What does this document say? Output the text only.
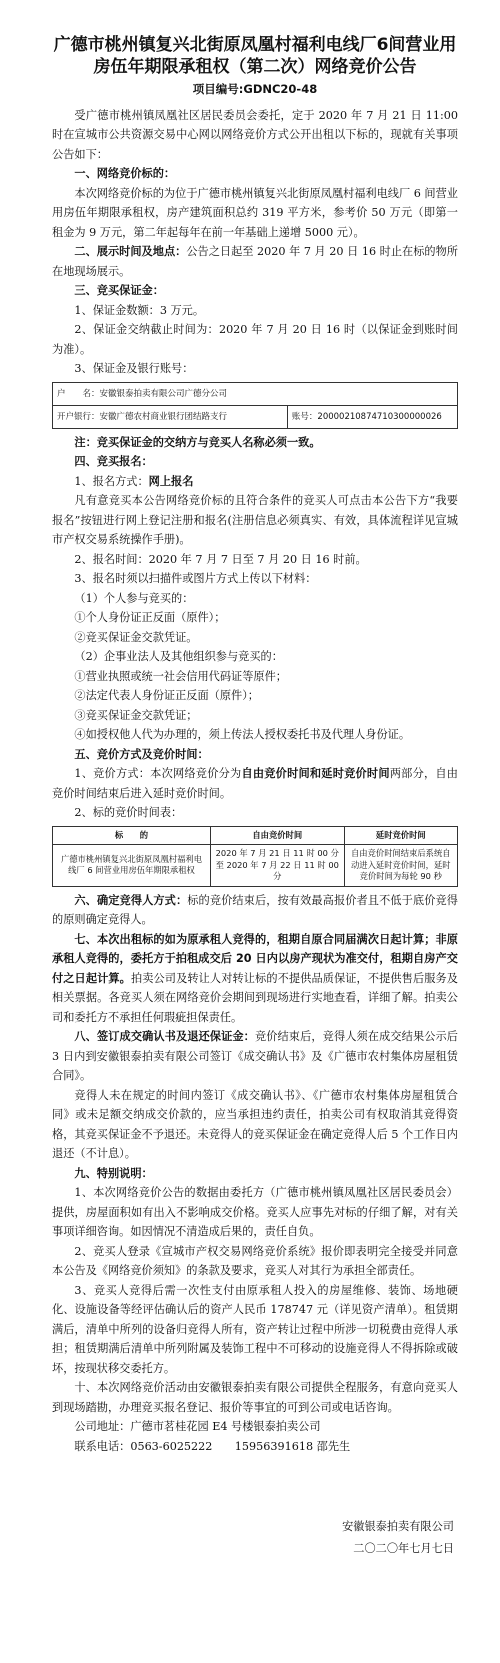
广德市桃州镇复兴北街原凤凰村福利电线厂6间营业用房伍年期限承租权（第二次）网络竞价公告
项目编号:GDNC20-48

受广德市桃州镇凤凰社区居民委员会委托，定于 2020 年 7 月 21 日 11:00 时在宣城市公共资源交易中心网以网络竞价方式公开出租以下标的，现就有关事项公告如下：

一、网络竞价标的：

本次网络竞价标的为位于广德市桃州镇复兴北街原凤凰村福利电线厂 6 间营业用房伍年期限承租权，房产建筑面积总约 319 平方米，参考价 50 万元（即第一租金为 9 万元，第二年起每年在前一年基础上递增 5000 元）。

二、展示时间及地点：公告之日起至 2020 年 7 月 20 日 16 时止在标的物所在地现场展示。

三、竞买保证金：

1、保证金数额：3 万元。

2、保证金交纳截止时间为：2020 年 7 月 20 日 16 时（以保证金到账时间为准）。

3、保证金及银行账号：

户　　名：安徽银泰拍卖有限公司广德分公司
开户银行：安徽广德农村商业银行团结路支行	账号：20000210874710300000026

注：竞买保证金的交纳方与竞买人名称必须一致。

四、竞买报名：

1、报名方式：网上报名

凡有意竞买本公告网络竞价标的且符合条件的竞买人可点击本公告下方“我要报名”按钮进行网上登记注册和报名(注册信息必须真实、有效，具体流程详见宣城市产权交易系统操作手册)。

2、报名时间：2020 年 7 月 7 日至 7 月 20 日 16 时前。

3、报名时须以扫描件或图片方式上传以下材料：

（1）个人参与竞买的：

①个人身份证正反面（原件）；

②竞买保证金交款凭证。

（2）企事业法人及其他组织参与竞买的：

①营业执照或统一社会信用代码证等原件；

②法定代表人身份证正反面（原件）；

③竞买保证金交款凭证；

④如授权他人代为办理的，须上传法人授权委托书及代理人身份证。

五、竞价方式及竞价时间：

1、竞价方式：本次网络竞价分为自由竞价时间和延时竞价时间两部分，自由竞价时间结束后进入延时竞价时间。

2、标的竞价时间表：

标　　的	自由竞价时间	延时竞价时间
广德市桃州镇复兴北街原凤凰村福利电线厂 6 间营业用房伍年期限承租权	2020 年 7 月 21 日 11 时 00 分至 2020 年 7 月 22 日 11 时 00 分	自由竞价时间结束后系统自动进入延时竞价时间，延时竞价时间为每轮 90 秒

六、确定竞得人方式：标的竞价结束后，按有效最高报价者且不低于底价竞得的原则确定竞得人。

七、本次出租标的如为原承租人竞得的，租期自原合同届满次日起计算；非原承租人竞得的，委托方于拍租成交后 20 日内以房产现状为准交付，租期自房产交付之日起计算。拍卖公司及转让人对转让标的不提供品质保证，不提供售后服务及相关票据。各竞买人须在网络竞价会期间到现场进行实地查看，详细了解。拍卖公司和委托方不承担任何瑕疵担保责任。

八、签订成交确认书及退还保证金：竞价结束后，竞得人须在成交结果公示后 3 日内到安徽银泰拍卖有限公司签订《成交确认书》及《广德市农村集体房屋租赁合同》。

竞得人未在规定的时间内签订《成交确认书》、《广德市农村集体房屋租赁合同》或未足额交纳成交价款的，应当承担违约责任，拍卖公司有权取消其竞得资格，其竞买保证金不予退还。未竞得人的竞买保证金在确定竞得人后 5 个工作日内退还（不计息）。

九、特别说明：

1、本次网络竞价公告的数据由委托方（广德市桃州镇凤凰社区居民委员会）提供，房屋面积如有出入不影响成交价格。竞买人应事先对标的仔细了解，对有关事项详细咨询。如因情况不清造成后果的，责任自负。

2、竞买人登录《宣城市产权交易网络竞价系统》报价即表明完全接受并同意本公告及《网络竞价须知》的条款及要求，竞买人对其行为承担全部责任。

3、竞买人竞得后需一次性支付由原承租人投入的房屋维修、装饰、场地硬化、设施设备等经评估确认后的资产人民币 178747 元（详见资产清单）。租赁期满后，清单中所列的设备归竞得人所有，资产转让过程中所涉一切税费由竞得人承担；租赁期满后清单中所列附属及装饰工程中不可移动的设施竞得人不得拆除或破坏，按现状移交委托方。

十、本次网络竞价活动由安徽银泰拍卖有限公司提供全程服务，有意向竞买人到现场踏勘，办理竞买报名登记、报价等事宜的可到公司或电话咨询。

公司地址：广德市茗桂花园 E4 号楼银泰拍卖公司

联系电话：0563-6025222　　15956391618 邵先生

安徽银泰拍卖有限公司
二〇二〇年七月七日
